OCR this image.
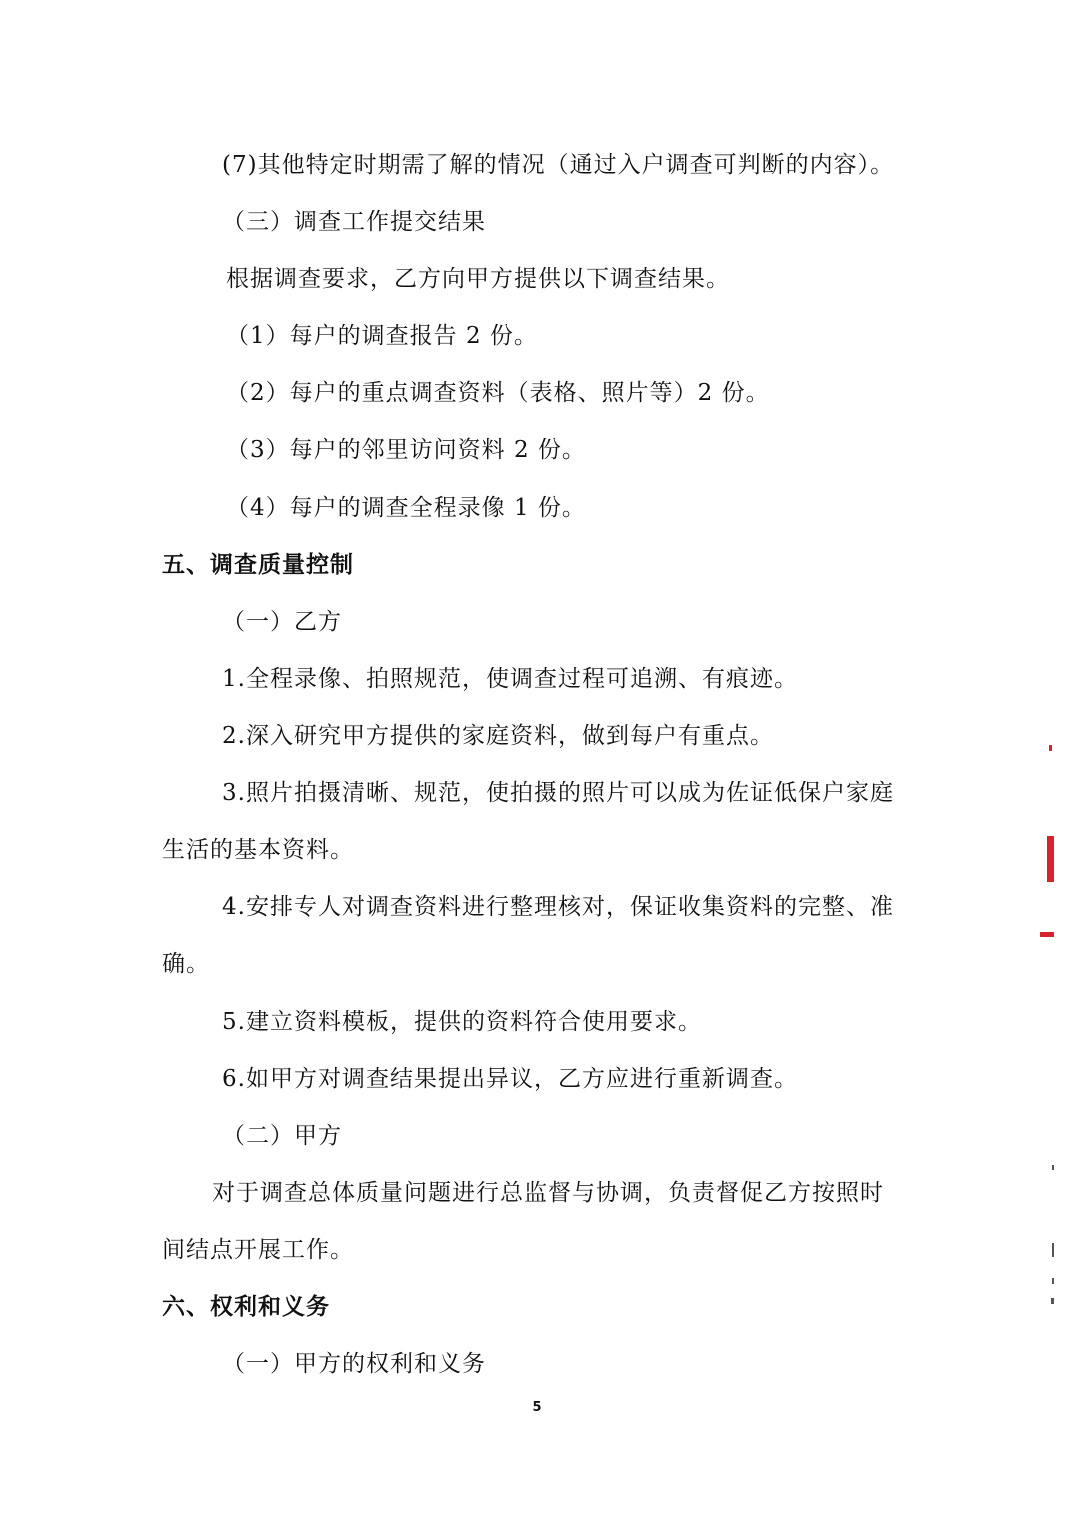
(7)其他特定时期需了解的情况（通过入户调查可判断的内容）。
（三）调查工作提交结果
根据调查要求，乙方向甲方提供以下调查结果。
（1）每户的调查报告 2 份。
（2）每户的重点调查资料（表格、照片等）2 份。
（3）每户的邻里访问资料 2 份。
（4）每户的调查全程录像 1 份。
五、调查质量控制
（一）乙方
1.全程录像、拍照规范，使调查过程可追溯、有痕迹。
2.深入研究甲方提供的家庭资料，做到每户有重点。
3.照片拍摄清晰、规范，使拍摄的照片可以成为佐证低保户家庭
生活的基本资料。
4.安排专人对调查资料进行整理核对，保证收集资料的完整、准
确。
5.建立资料模板，提供的资料符合使用要求。
6.如甲方对调查结果提出异议，乙方应进行重新调查。
（二）甲方
对于调查总体质量问题进行总监督与协调，负责督促乙方按照时
间结点开展工作。
六、权利和义务
（一）甲方的权利和义务
5
